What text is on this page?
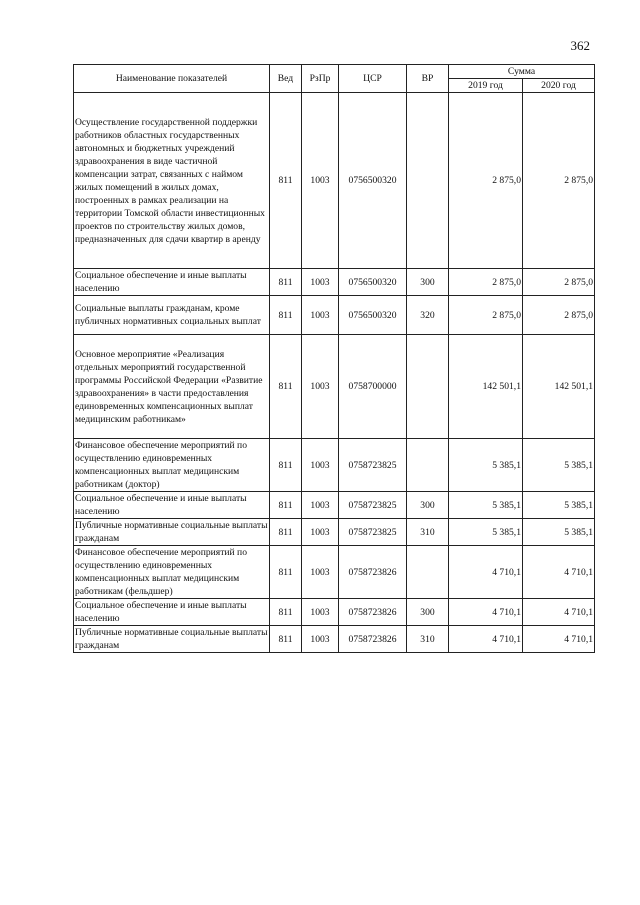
362
Наименование показателей	Вед	РзПр	ЦСР	ВР	Сумма	
					2019 год	2020 год
Осуществление государственной поддержки работников областных государственных автономных и бюджетных учреждений здравоохранения в виде частичной компенсации затрат, связанных с наймом жилых помещений в жилых домах, построенных в рамках реализации на территории Томской области инвестиционных проектов по строительству жилых домов, предназначенных для сдачи квартир в аренду	811	1003	0756500320		2 875,0	2 875,0
Социальное обеспечение и иные выплаты населению	811	1003	0756500320	300	2 875,0	2 875,0
Социальные выплаты гражданам, кроме публичных нормативных социальных выплат	811	1003	0756500320	320	2 875,0	2 875,0
Основное мероприятие «Реализация отдельных мероприятий государственной программы Российской Федерации «Развитие здравоохранения» в части предоставления единовременных компенсационных выплат медицинским работникам»	811	1003	0758700000		142 501,1	142 501,1
Финансовое обеспечение мероприятий по осуществлению единовременных компенсационных выплат медицинским работникам (доктор)	811	1003	0758723825		5 385,1	5 385,1
Социальное обеспечение и иные выплаты населению	811	1003	0758723825	300	5 385,1	5 385,1
Публичные нормативные социальные выплаты гражданам	811	1003	0758723825	310	5 385,1	5 385,1
Финансовое обеспечение мероприятий по осуществлению единовременных компенсационных выплат медицинским работникам (фельдшер)	811	1003	0758723826		4 710,1	4 710,1
Социальное обеспечение и иные выплаты населению	811	1003	0758723826	300	4 710,1	4 710,1
Публичные нормативные социальные выплаты гражданам	811	1003	0758723826	310	4 710,1	4 710,1
